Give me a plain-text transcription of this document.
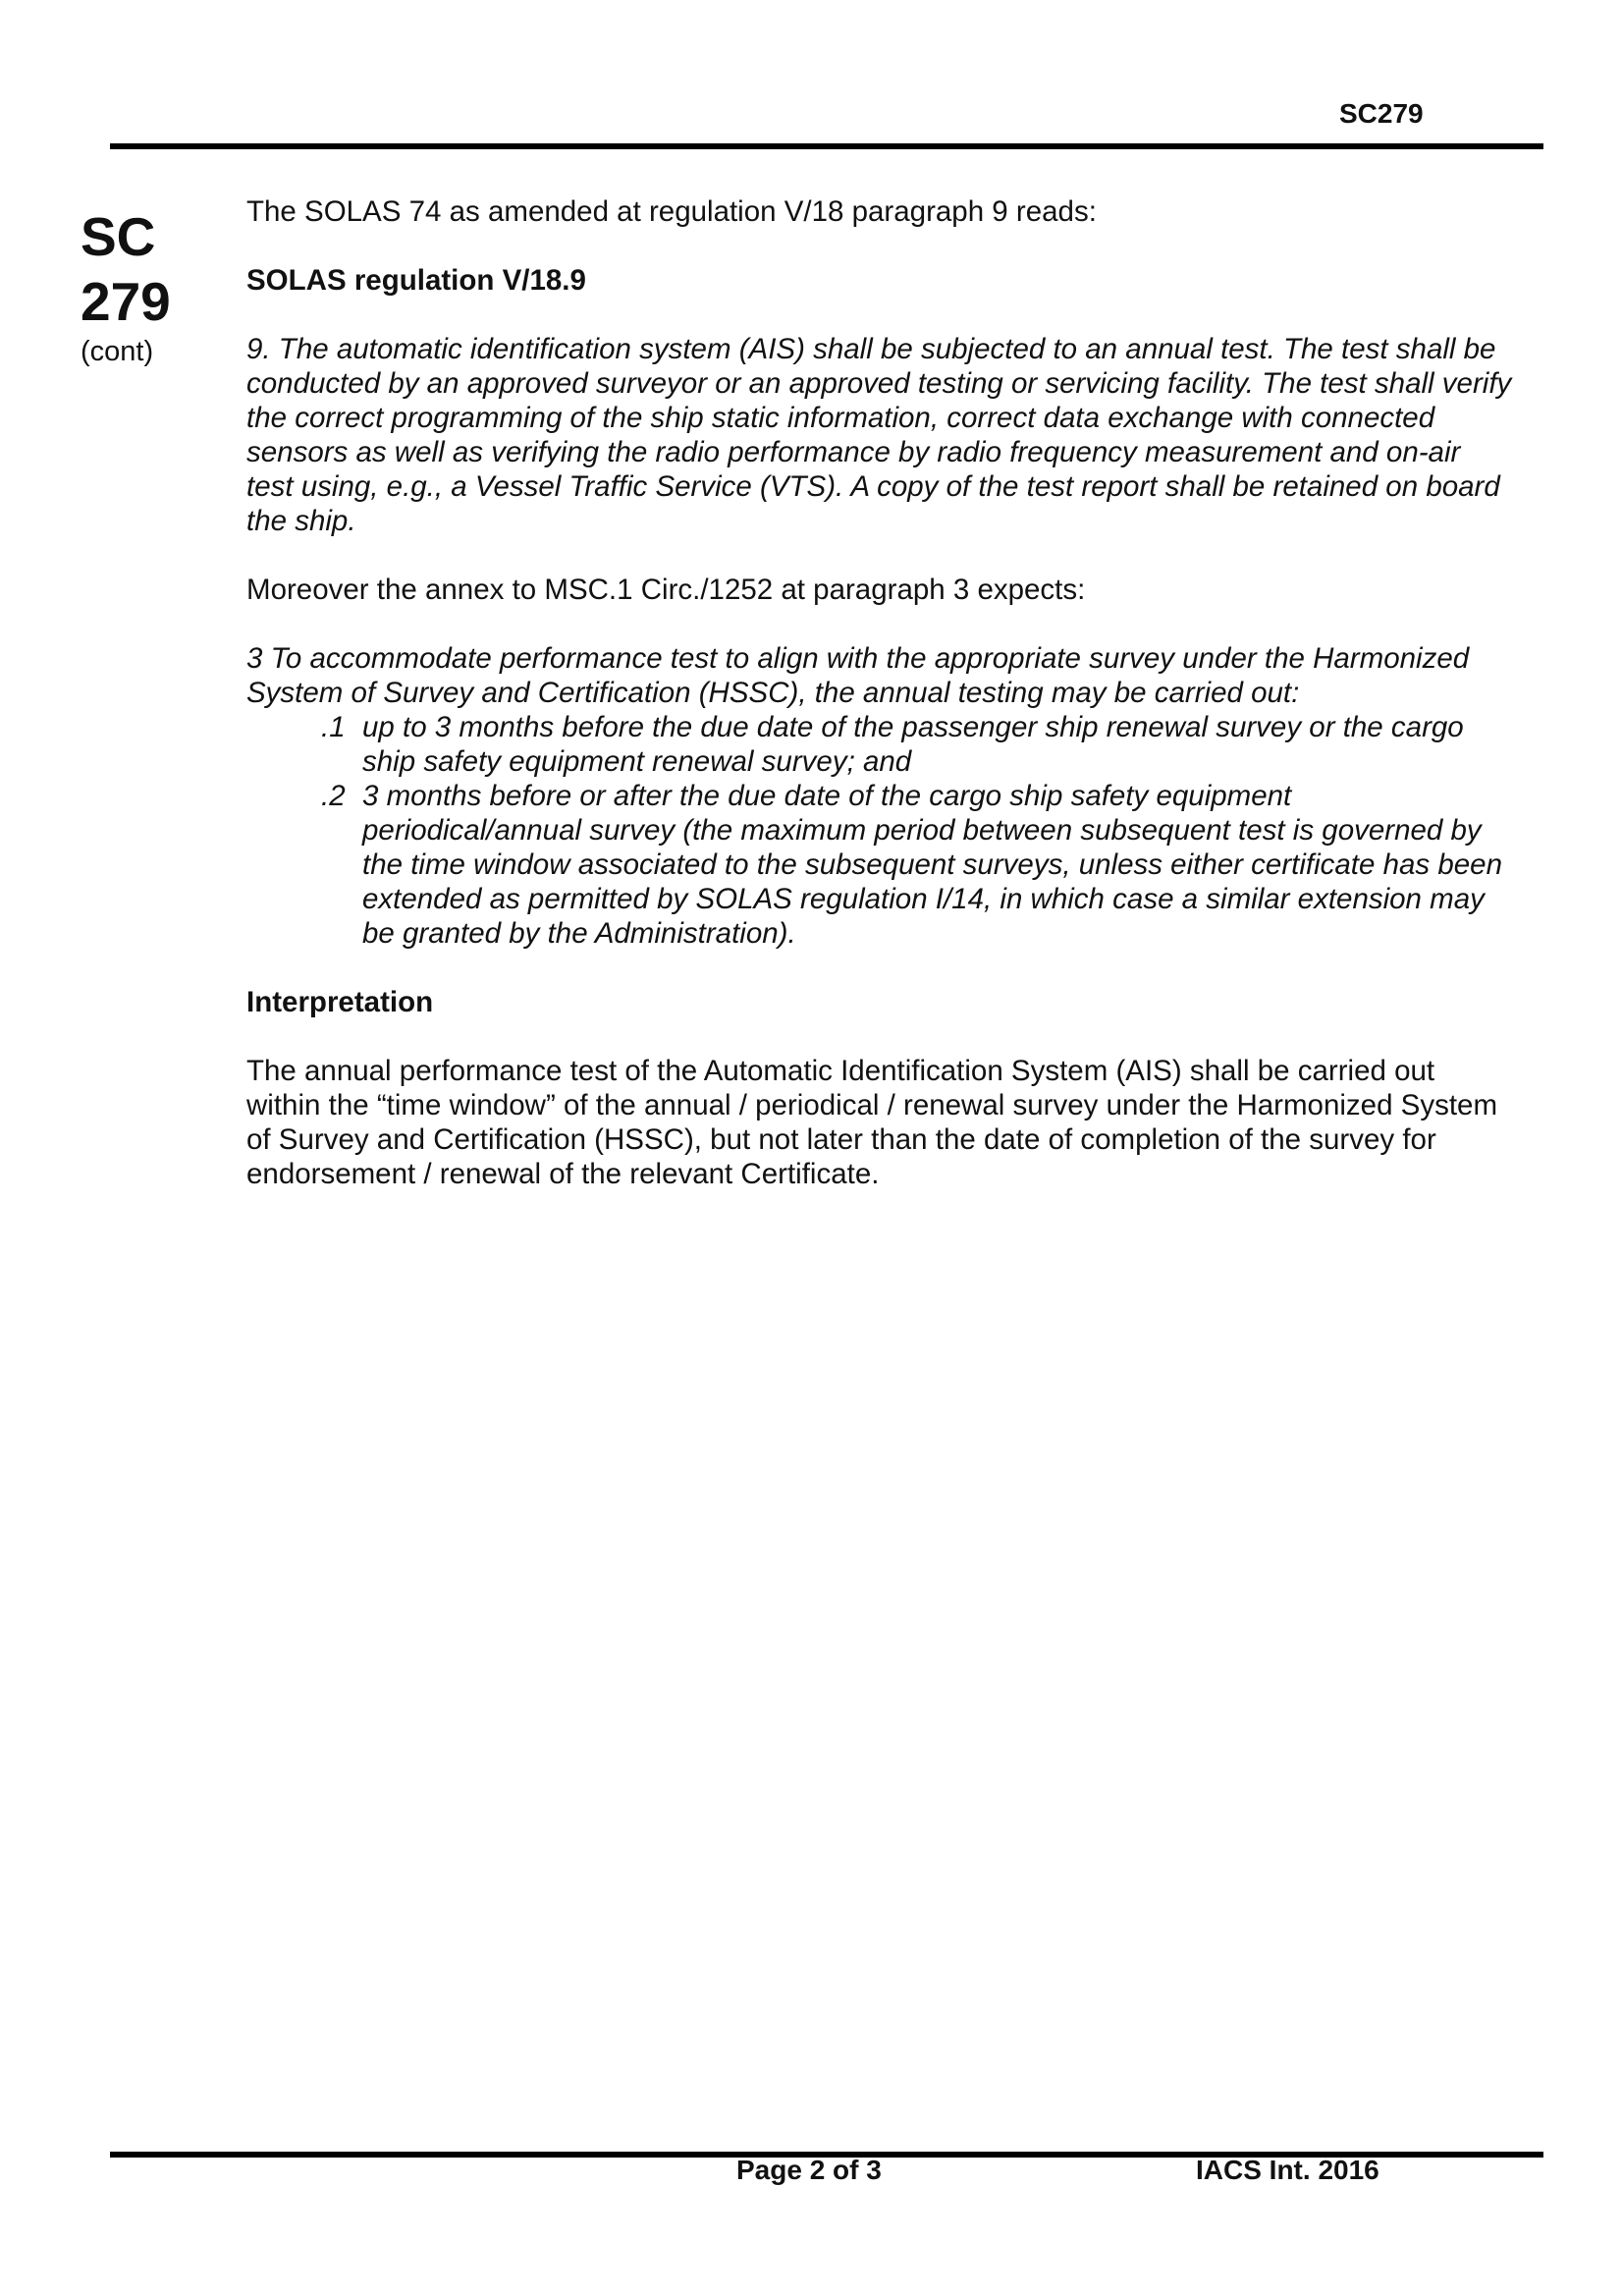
SC279
SC
279
(cont)

The SOLAS 74 as amended at regulation V/18 paragraph 9 reads:

SOLAS regulation V/18.9

9. The automatic identification system (AIS) shall be subjected to an annual test. The test shall be conducted by an approved surveyor or an approved testing or servicing facility. The test shall verify the correct programming of the ship static information, correct data exchange with connected sensors as well as verifying the radio performance by radio frequency measurement and on-air test using, e.g., a Vessel Traffic Service (VTS). A copy of the test report shall be retained on board the ship.

Moreover the annex to MSC.1 Circ./1252 at paragraph 3 expects:

3 To accommodate performance test to align with the appropriate survey under the Harmonized System of Survey and Certification (HSSC), the annual testing may be carried out:

.1 up to 3 months before the due date of the passenger ship renewal survey or the cargo ship safety equipment renewal survey; and
.2 3 months before or after the due date of the cargo ship safety equipment periodical/annual survey (the maximum period between subsequent test is governed by the time window associated to the subsequent surveys, unless either certificate has been extended as permitted by SOLAS regulation I/14, in which case a similar extension may be granted by the Administration).

Interpretation

The annual performance test of the Automatic Identification System (AIS) shall be carried out within the “time window” of the annual / periodical / renewal survey under the Harmonized System of Survey and Certification (HSSC), but not later than the date of completion of the survey for endorsement / renewal of the relevant Certificate.

Page 2 of 3	IACS Int. 2016
